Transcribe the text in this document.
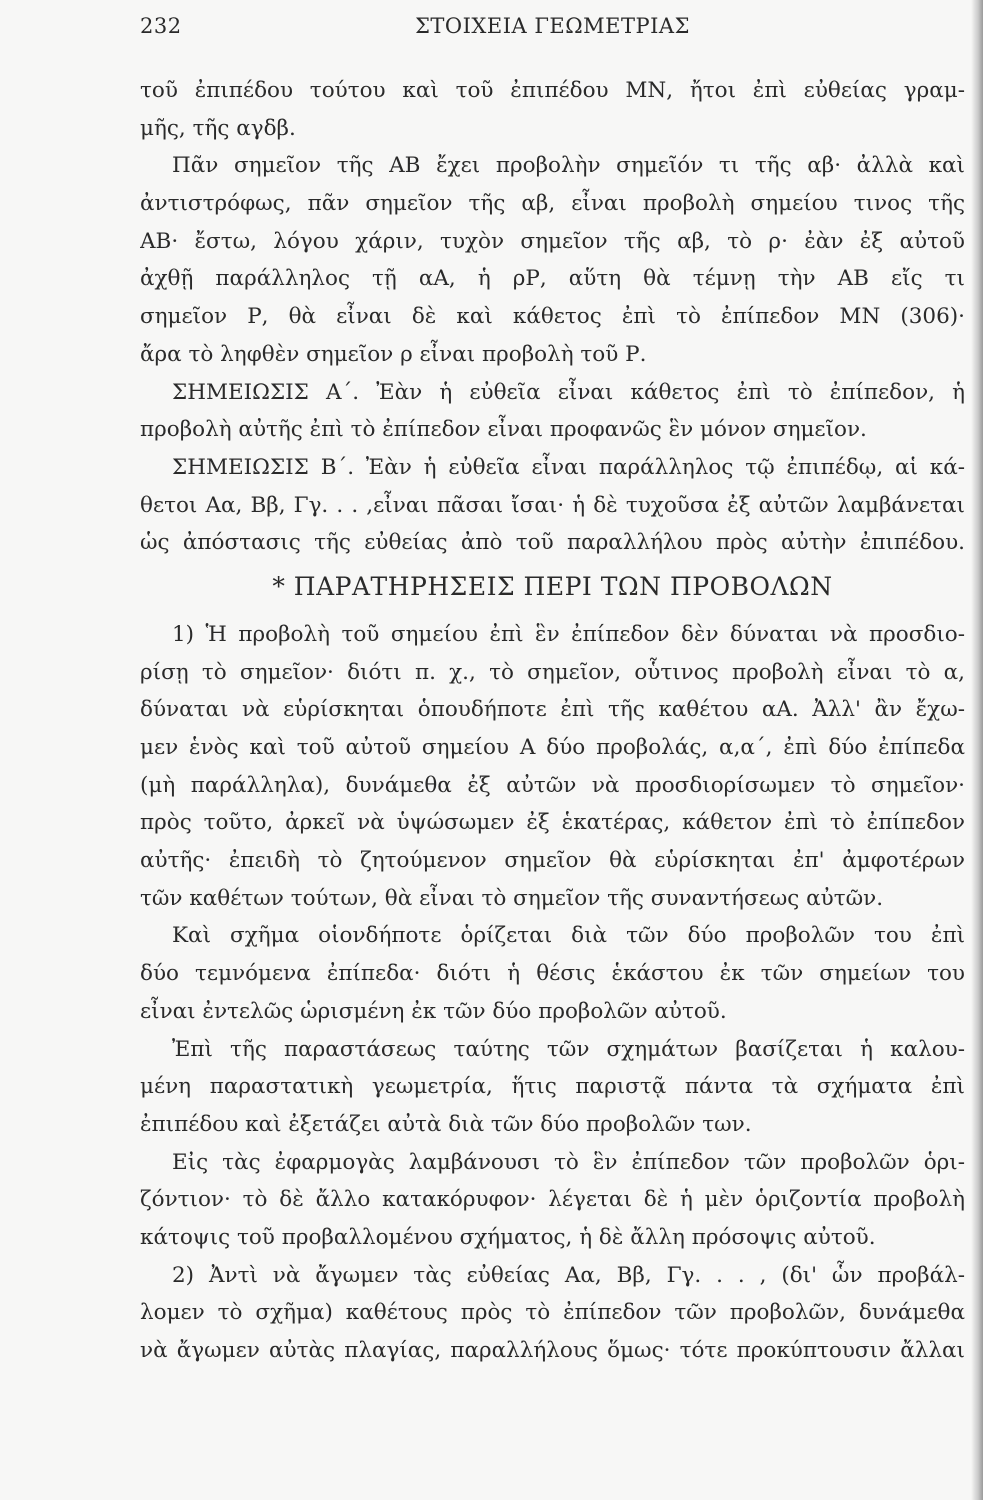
232	ΣΤΟΙΧΕΙΑ ΓΕΩΜΕΤΡΙΑΣ
τοῦ ἐπιπέδου τούτου καὶ τοῦ ἐπιπέδου ΜΝ, ἤτοι ἐπὶ εὐθείας γραμ-
μῆς, τῆς αγδβ.
Πᾶν σημεῖον τῆς ΑΒ ἔχει προβολὴν σημεῖόν τι τῆς αβ· ἀλλὰ καὶ
ἀντιστρόφως, πᾶν σημεῖον τῆς αβ, εἶναι προβολὴ σημείου τινος τῆς
ΑΒ· ἔστω, λόγου χάριν, τυχὸν σημεῖον τῆς αβ, τὸ ρ· ἐὰν ἐξ αὐτοῦ
ἀχθῇ παράλληλος τῇ αΑ, ἡ ρΡ, αὕτη θὰ τέμνῃ τὴν ΑΒ εἴς τι
σημεῖον Ρ, θὰ εἶναι δὲ καὶ κάθετος ἐπὶ τὸ ἐπίπεδον ΜΝ (306)·
ἄρα τὸ ληφθὲν σημεῖον ρ εἶναι προβολὴ τοῦ Ρ.
ΣΗΜΕΙΩΣΙΣ Α΄. Ἐὰν ἡ εὐθεῖα εἶναι κάθετος ἐπὶ τὸ ἐπίπεδον, ἡ
προβολὴ αὐτῆς ἐπὶ τὸ ἐπίπεδον εἶναι προφανῶς ἓν μόνον σημεῖον.
ΣΗΜΕΙΩΣΙΣ Β΄. Ἐὰν ἡ εὐθεῖα εἶναι παράλληλος τῷ ἐπιπέδῳ, αἱ κά-
θετοι Αα, Ββ, Γγ. . . ,εἶναι πᾶσαι ἴσαι· ἡ δὲ τυχοῦσα ἐξ αὐτῶν λαμβάνεται
ὡς ἀπόστασις τῆς εὐθείας ἀπὸ τοῦ παραλλήλου πρὸς αὐτὴν ἐπιπέδου.
* ΠΑΡΑΤΗΡΗΣΕΙΣ ΠΕΡΙ ΤΩΝ ΠΡΟΒΟΛΩΝ
1) Ἡ προβολὴ τοῦ σημείου ἐπὶ ἓν ἐπίπεδον δὲν δύναται νὰ προσδιο-
ρίσῃ τὸ σημεῖον· διότι π. χ., τὸ σημεῖον, οὗτινος προβολὴ εἶναι τὸ α,
δύναται νὰ εὑρίσκηται ὁπουδήποτε ἐπὶ τῆς καθέτου αΑ. Ἀλλ' ἂν ἔχω-
μεν ἑνὸς καὶ τοῦ αὐτοῦ σημείου Α δύο προβολάς, α,α΄, ἐπὶ δύο ἐπίπεδα
(μὴ παράλληλα), δυνάμεθα ἐξ αὐτῶν νὰ προσδιορίσωμεν τὸ σημεῖον·
πρὸς τοῦτο, ἀρκεῖ νὰ ὑψώσωμεν ἐξ ἑκατέρας, κάθετον ἐπὶ τὸ ἐπίπεδον
αὐτῆς· ἐπειδὴ τὸ ζητούμενον σημεῖον θὰ εὑρίσκηται ἐπ' ἀμφοτέρων
τῶν καθέτων τούτων, θὰ εἶναι τὸ σημεῖον τῆς συναντήσεως αὐτῶν.
Καὶ σχῆμα οἱονδήποτε ὁρίζεται διὰ τῶν δύο προβολῶν του ἐπὶ
δύο τεμνόμενα ἐπίπεδα· διότι ἡ θέσις ἑκάστου ἐκ τῶν σημείων του
εἶναι ἐντελῶς ὡρισμένη ἐκ τῶν δύο προβολῶν αὐτοῦ.
Ἐπὶ τῆς παραστάσεως ταύτης τῶν σχημάτων βασίζεται ἡ καλου-
μένη παραστατικὴ γεωμετρία, ἥτις παριστᾷ πάντα τὰ σχήματα ἐπὶ
ἐπιπέδου καὶ ἐξετάζει αὐτὰ διὰ τῶν δύο προβολῶν των.
Εἰς τὰς ἐφαρμογὰς λαμβάνουσι τὸ ἓν ἐπίπεδον τῶν προβολῶν ὁρι-
ζόντιον· τὸ δὲ ἄλλο κατακόρυφον· λέγεται δὲ ἡ μὲν ὁριζοντία προβολὴ
κάτοψις τοῦ προβαλλομένου σχήματος, ἡ δὲ ἄλλη πρόσοψις αὐτοῦ.
2) Ἀντὶ νὰ ἄγωμεν τὰς εὐθείας Αα, Ββ, Γγ. . . , (δι' ὧν προβάλ-
λομεν τὸ σχῆμα) καθέτους πρὸς τὸ ἐπίπεδον τῶν προβολῶν, δυνάμεθα
νὰ ἄγωμεν αὐτὰς πλαγίας, παραλλήλους ὅμως· τότε προκύπτουσιν ἄλλαι
